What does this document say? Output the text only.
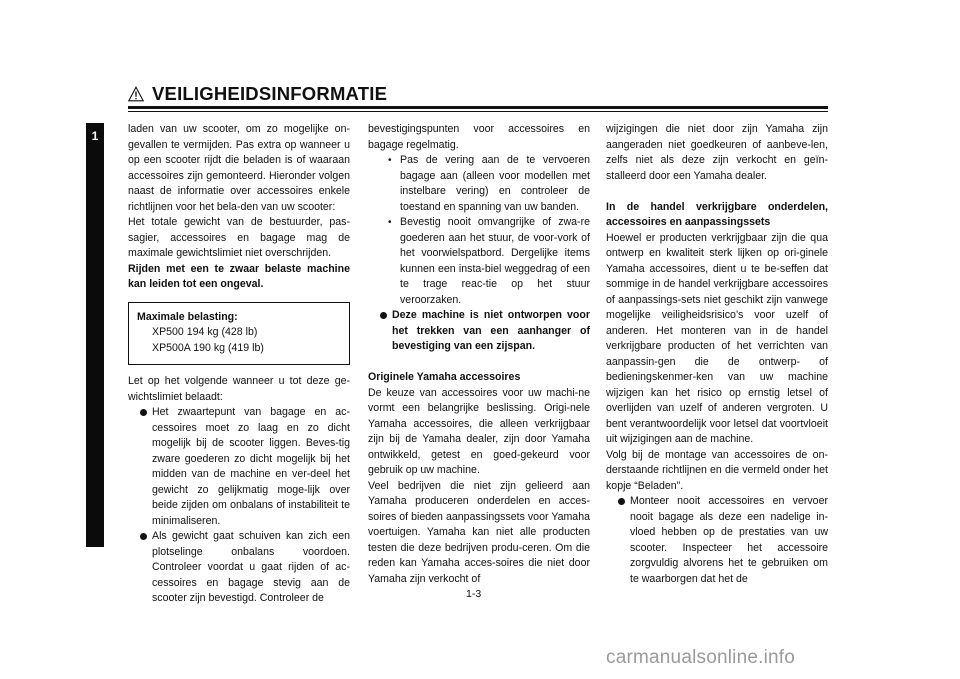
VEILIGHEIDSINFORMATIE
1	laden van uw scooter, om zo mogelijke on-gevallen te vermijden. Pas extra op wanneer u op een scooter rijdt die beladen is of waaraan accessoires zijn gemonteerd. Hieronder volgen naast de informatie over accessoires enkele richtlijnen voor het bela-den van uw scooter:

Het totale gewicht van de bestuurder, pas-sagier, accessoires en bagage mag de maximale gewichtslimiet niet overschrijden.

Rijden met een te zwaar belaste machine kan leiden tot een ongeval.

Maximale belasting:
XP500 194 kg (428 lb)
XP500A 190 kg (419 lb)

Let op het volgende wanneer u tot deze ge-wichtslimiet belaadt:

Het zwaartepunt van bagage en ac-cessoires moet zo laag en zo dicht mogelijk bij de scooter liggen. Beves-tig zware goederen zo dicht mogelijk bij het midden van de machine en ver-deel het gewicht zo gelijkmatig moge-lijk over beide zijden om onbalans of instabiliteit te minimaliseren.

Als gewicht gaat schuiven kan zich een plotselinge onbalans voordoen. Controleer voordat u gaat rijden of ac-cessoires en bagage stevig aan de scooter zijn bevestigd. Controleer de

bevestigingspunten voor accessoires en bagage regelmatig.

• Pas de vering aan de te vervoeren bagage aan (alleen voor modellen met instelbare vering) en controleer de toestand en spanning van uw banden.

• Bevestig nooit omvangrijke of zwa-re goederen aan het stuur, de voor-vork of het voorwielspatbord. Dergelijke items kunnen een insta-biel weggedrag of een te trage reac-tie op het stuur veroorzaken.

Deze machine is niet ontworpen voor het trekken van een aanhanger of bevestiging van een zijspan.

Originele Yamaha accessoires

De keuze van accessoires voor uw machi-ne vormt een belangrijke beslissing. Origi-nele Yamaha accessoires, die alleen verkrijgbaar zijn bij de Yamaha dealer, zijn door Yamaha ontwikkeld, getest en goed-gekeurd voor gebruik op uw machine.

Veel bedrijven die niet zijn gelieerd aan Yamaha produceren onderdelen en acces-soires of bieden aanpassingssets voor Yamaha voertuigen. Yamaha kan niet alle producten testen die deze bedrijven produ-ceren. Om die reden kan Yamaha acces-soires die niet door Yamaha zijn verkocht of

wijzigingen die niet door zijn Yamaha zijn aangeraden niet goedkeuren of aanbeve-len, zelfs niet als deze zijn verkocht en geïn-stalleerd door een Yamaha dealer.

In de handel verkrijgbare onderdelen, accessoires en aanpassingssets

Hoewel er producten verkrijgbaar zijn die qua ontwerp en kwaliteit sterk lijken op ori-ginele Yamaha accessoires, dient u te be-seffen dat sommige in de handel verkrijgbare accessoires of aanpassings-sets niet geschikt zijn vanwege mogelijke veiligheidsrisico’s voor uzelf of anderen. Het monteren van in de handel verkrijgbare producten of het verrichten van aanpassin-gen die de ontwerp- of bedieningskenmer-ken van uw machine wijzigen kan het risico op ernstig letsel of overlijden van uzelf of anderen vergroten. U bent verantwoordelijk voor letsel dat voortvloeit uit wijzigingen aan de machine.

Volg bij de montage van accessoires de on-derstaande richtlijnen en die vermeld onder het kopje “Beladen”.

Monteer nooit accessoires en vervoer nooit bagage als deze een nadelige in-vloed hebben op de prestaties van uw scooter. Inspecteer het accessoire zorgvuldig alvorens het te gebruiken om te waarborgen dat het de

1-3
carmanualsonline.info
